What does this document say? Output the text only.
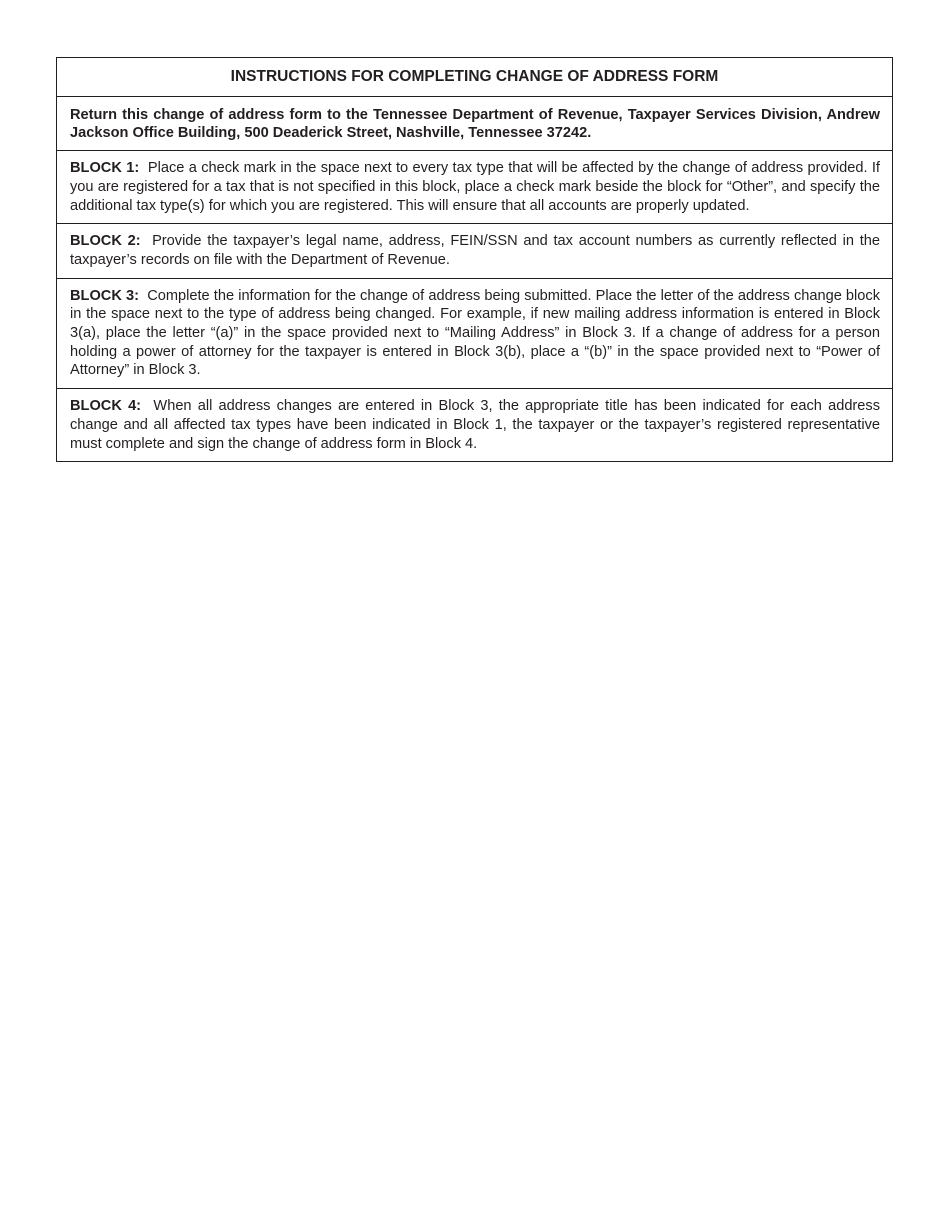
INSTRUCTIONS FOR COMPLETING CHANGE OF ADDRESS FORM
Return this change of address form to the Tennessee Department of Revenue, Taxpayer Services Division, Andrew Jackson Office Building, 500 Deaderick Street, Nashville, Tennessee 37242.
BLOCK 1: Place a check mark in the space next to every tax type that will be affected by the change of address provided. If you are registered for a tax that is not specified in this block, place a check mark beside the block for “Other”, and specify the additional tax type(s) for which you are registered. This will ensure that all accounts are properly updated.
BLOCK 2: Provide the taxpayer’s legal name, address, FEIN/SSN and tax account numbers as currently reflected in the taxpayer’s records on file with the Department of Revenue.
BLOCK 3: Complete the information for the change of address being submitted. Place the letter of the address change block in the space next to the type of address being changed. For example, if new mailing address information is entered in Block 3(a), place the letter “(a)” in the space provided next to “Mailing Address” in Block 3. If a change of address for a person holding a power of attorney for the taxpayer is entered in Block 3(b), place a “(b)” in the space provided next to “Power of Attorney” in Block 3.
BLOCK 4: When all address changes are entered in Block 3, the appropriate title has been indicated for each address change and all affected tax types have been indicated in Block 1, the taxpayer or the taxpayer’s registered representative must complete and sign the change of address form in Block 4.
